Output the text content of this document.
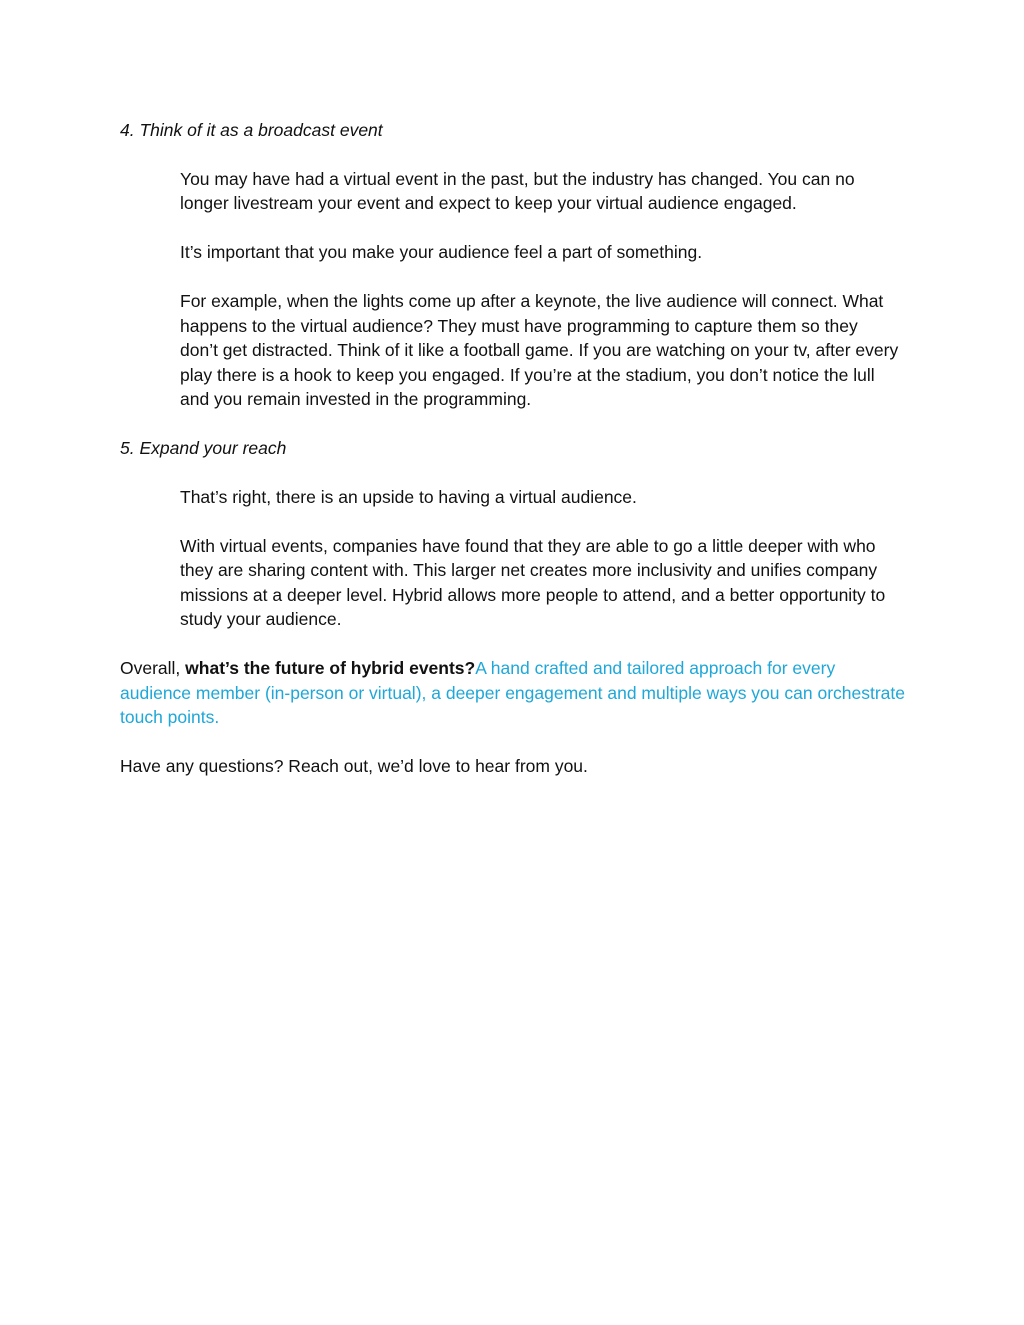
4. Think of it as a broadcast event

You may have had a virtual event in the past, but the industry has changed. You can no longer livestream your event and expect to keep your virtual audience engaged.

It’s important that you make your audience feel a part of something.

For example, when the lights come up after a keynote, the live audience will connect. What happens to the virtual audience? They must have programming to capture them so they don’t get distracted. Think of it like a football game. If you are watching on your tv, after every play there is a hook to keep you engaged. If you’re at the stadium, you don’t notice the lull and you remain invested in the programming.

5. Expand your reach

That’s right, there is an upside to having a virtual audience.

With virtual events, companies have found that they are able to go a little deeper with who they are sharing content with. This larger net creates more inclusivity and unifies company missions at a deeper level. Hybrid allows more people to attend, and a better opportunity to study your audience.

Overall, what’s the future of hybrid events?A hand crafted and tailored approach for every audience member (in-person or virtual), a deeper engagement and multiple ways you can orchestrate touch points.

Have any questions? Reach out, we’d love to hear from you.
